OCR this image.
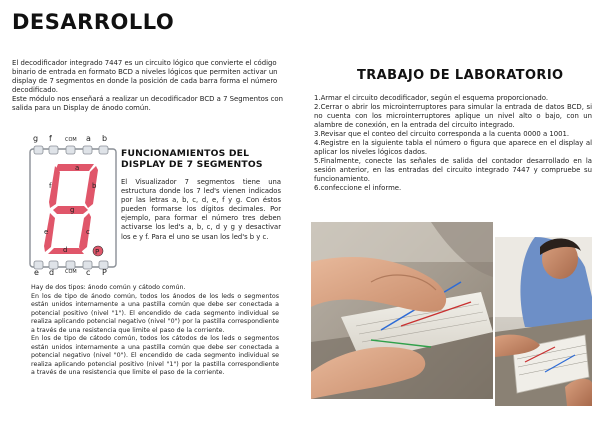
DESARROLLO

El decodificador integrado 7447 es un circuito lógico que convierte el código binario de entrada en formato BCD a niveles lógicos que permiten activar un display de 7 segmentos en donde la posición de cada barra forma el número decodificado.

Este módulo nos enseñará a realizar un decodificador BCD a 7 Segmentos con salida para un Display de ánodo común.

g f	COM a b
a
f	b
g
e	c
d	P
e d COM c P
FUNCIONAMIENTOS DEL DISPLAY DE 7 SEGMENTOS
El Visualizador 7 segmentos tiene una estructura donde los 7 led's vienen indicados por las letras a, b, c, d, e, f y g. Con éstos pueden formarse los dígitos decimales. Por ejemplo, para formar el número tres deben activarse los led's a, b, c, d y g y desactivar los e y f. Para el uno se usan los led's b y c.

Hay de dos tipos: ánodo común y cátodo común.

En los de tipo de ánodo común, todos los ánodos de los leds o segmentos están unidos internamente a una pastilla común que debe ser conectada a potencial positivo (nivel "1"). El encendido de cada segmento individual se realiza aplicando potencial negativo (nivel "0") por la pastilla correspondiente a través de una resistencia que limite el paso de la corriente.

En los de tipo de cátodo común, todos los cátodos de los leds o segmentos están unidos internamente a una pastilla común que debe ser conectada a potencial negativo (nivel "0"). El encendido de cada segmento individual se realiza aplicando potencial positivo (nivel "1") por la pastilla correspondiente a través de una resistencia que limite el paso de la corriente.

TRABAJO DE LABORATORIO
1.Armar el circuito decodificador, según el esquema proporcionado.
2.Cerrar o abrir los microinterruptores para simular la entrada de datos BCD, si no cuenta con los microinterruptores aplique un nivel alto o bajo, con un alambre de conexión, en la entrada del circuito integrado.
3.Revisar que el conteo del circuito corresponda a la cuenta 0000 a 1001.
4.Registre en la siguiente tabla el número o figura que aparece en el display al aplicar los niveles lógicos dados.
5.Finalmente, conecte las señales de salida del contador desarrollado en la sesión anterior, en las entradas del circuito integrado 7447 y compruebe su funcionamiento.
6.confeccione el informe.
